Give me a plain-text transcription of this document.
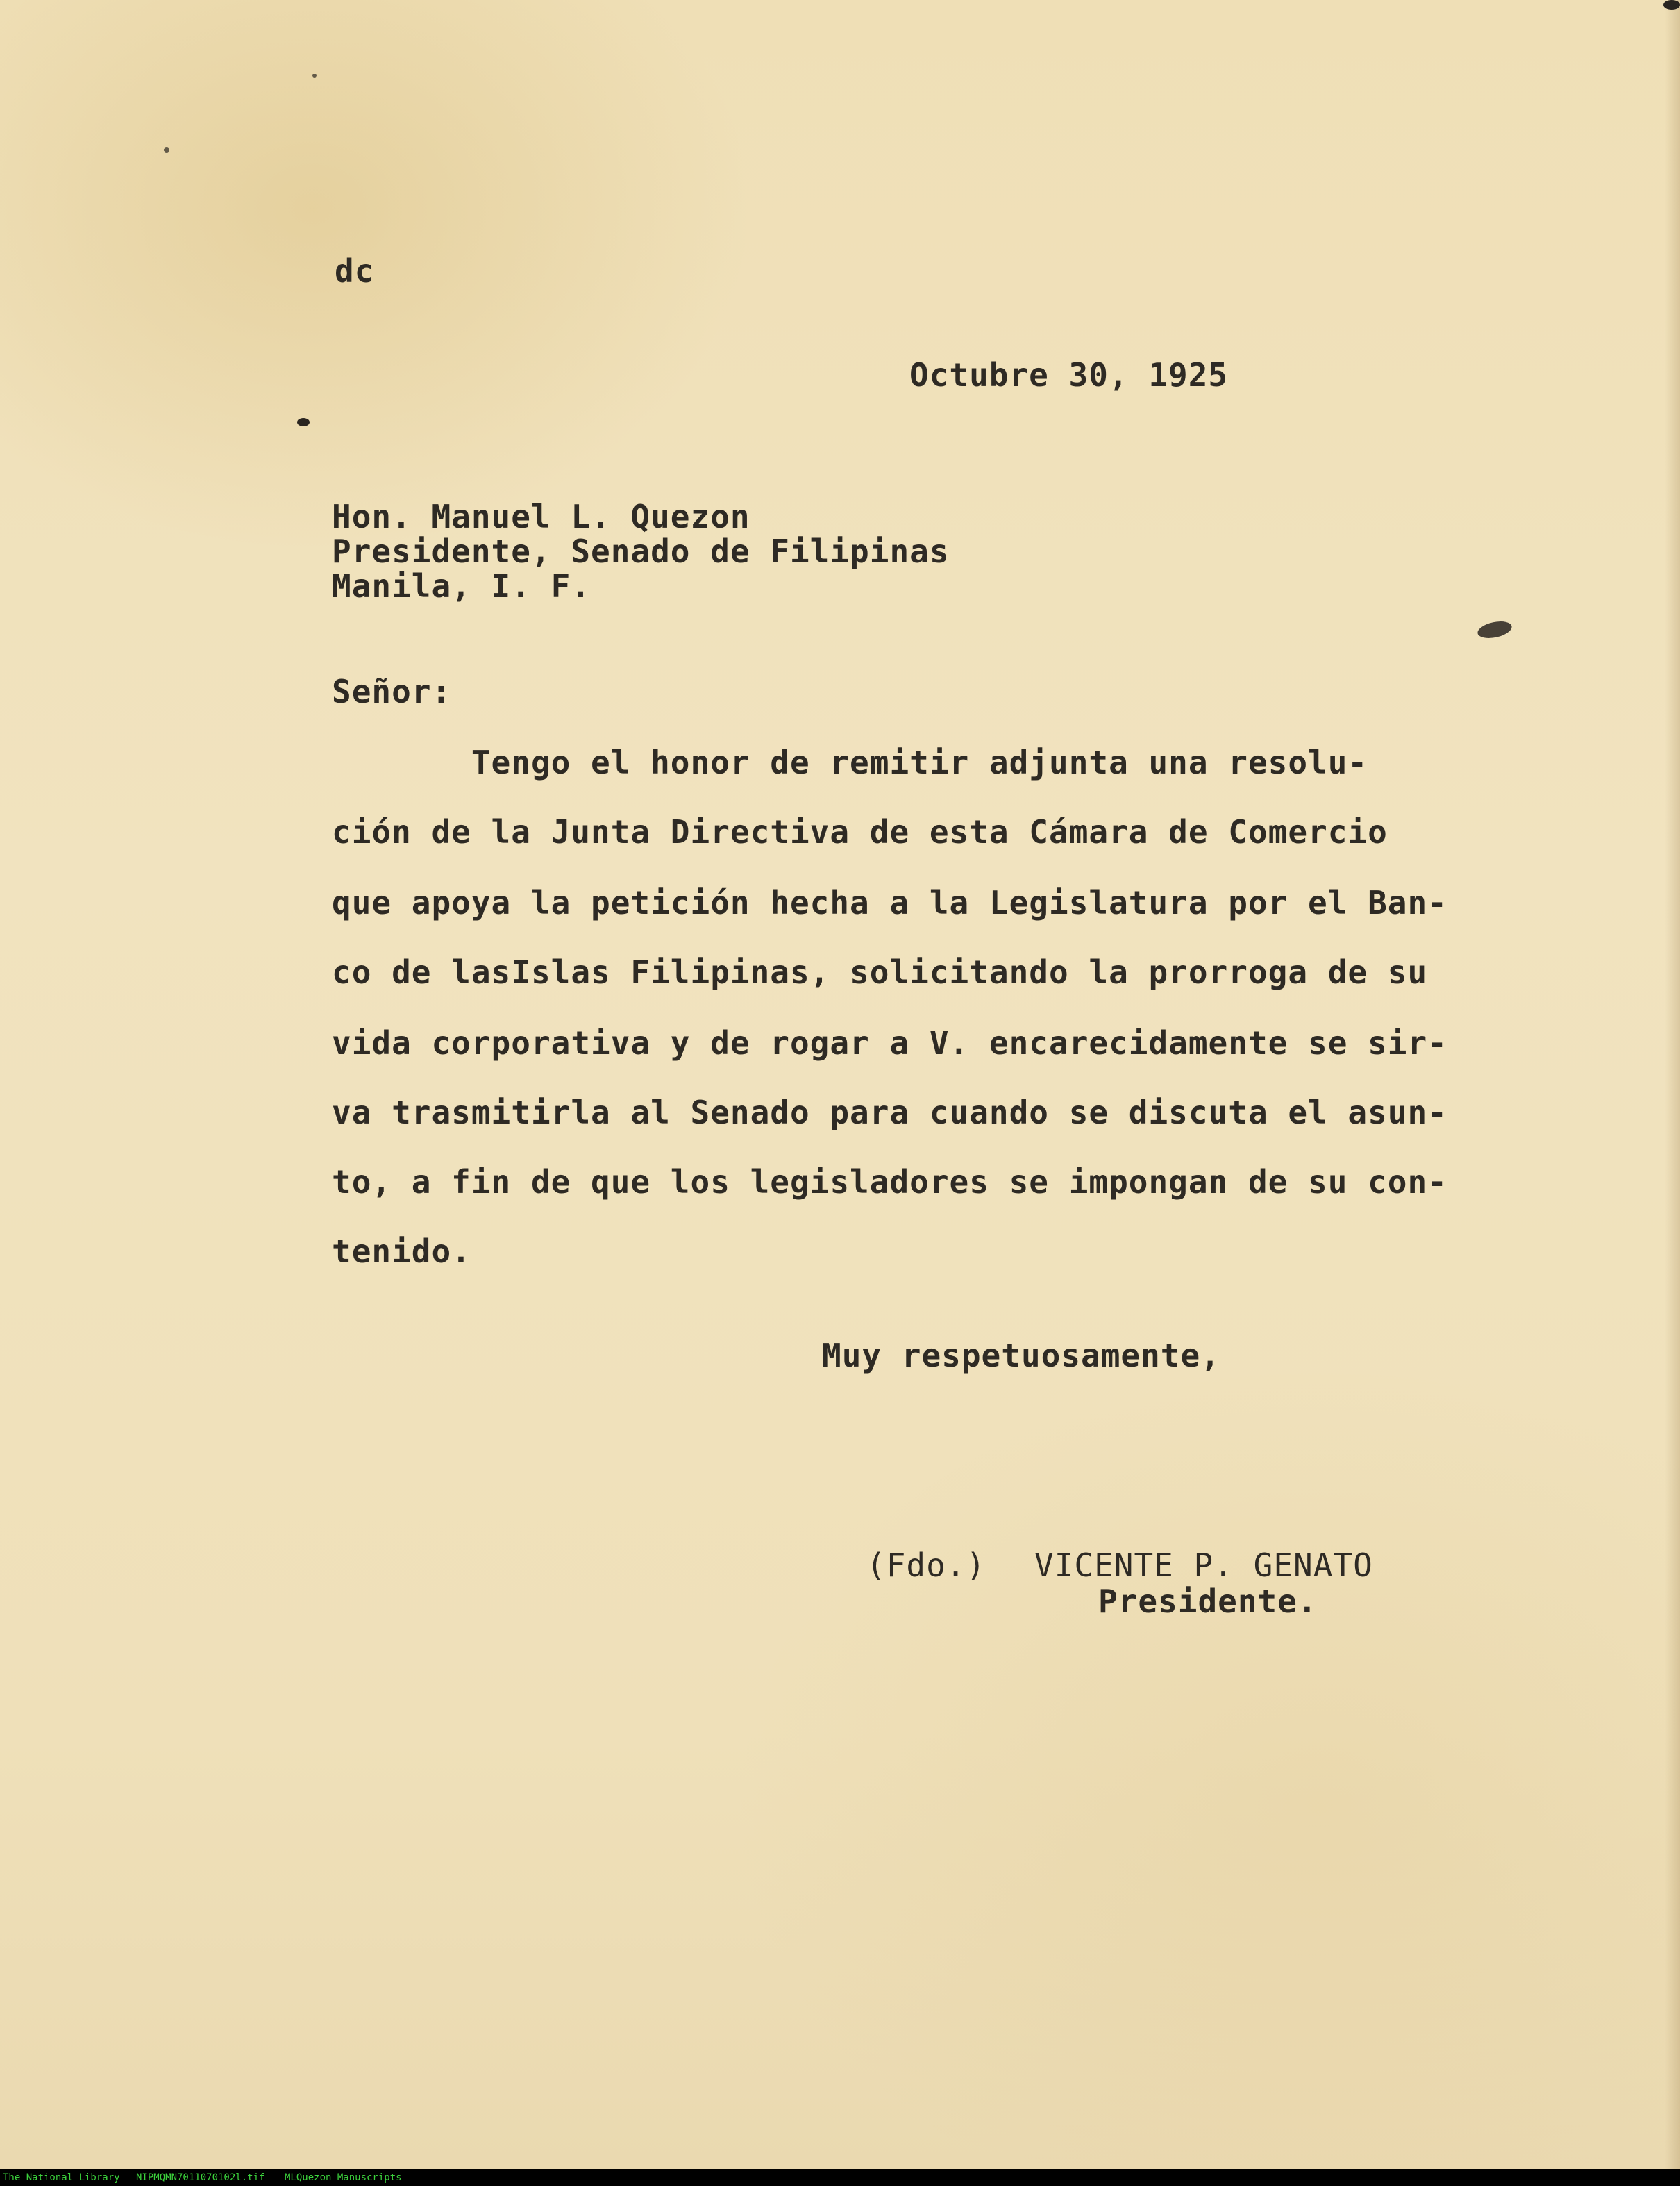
dc
Octubre 30, 1925
Hon. Manuel L. Quezon
Presidente, Senado de Filipinas
Manila, I. F.
Señor:
Tengo el honor de remitir adjunta una resolu-
ción de la Junta Directiva de esta Cámara de Comercio
que apoya la petición hecha a la Legislatura por el Ban-
co de lasIslas Filipinas, solicitando la prorroga de su
vida corporativa y de rogar a V. encarecidamente se sir-
va trasmitirla al Senado para cuando se discuta el asun-
to, a fin de que los legisladores se impongan de su con-
tenido.
Muy respetuosamente,
(Fdo.) VICENTE P. GENATO
Presidente.
The National Library NIPMQMN7011070102l.tif MLQuezon Manuscripts
